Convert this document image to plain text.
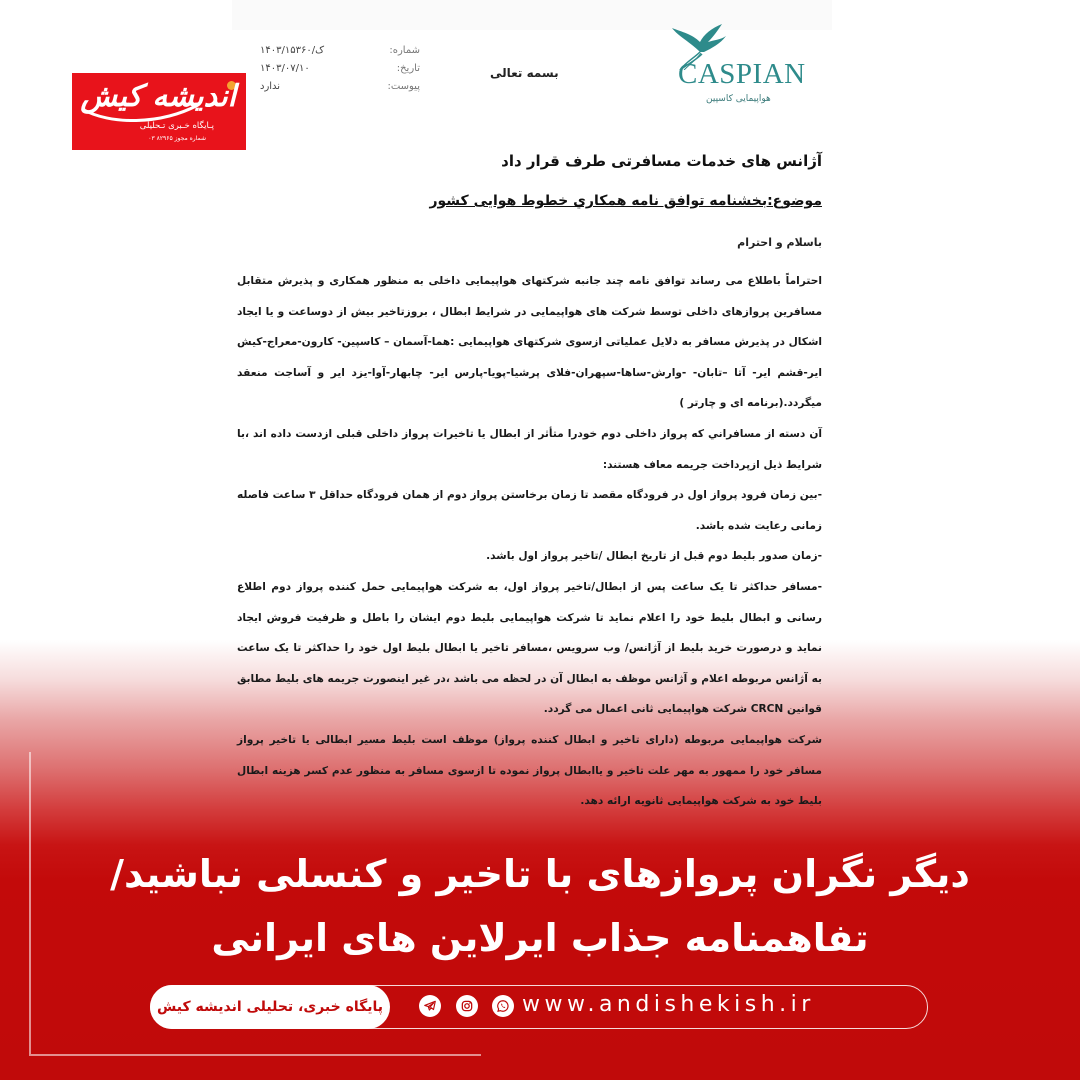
CASPIAN
هواپیمایی کاسپین
بسمه تعالی
شماره:
۱۴۰۳/۱۵۳۶۰/ک
تاریخ:
۱۴۰۳/۰۷/۱۰
پیوست:
ندارد
آژانس های خدمات مسافرتی طرف قرار داد
موضوع:بخشنامه توافق نامه همکاري خطوط هوایی کشور
باسلام و احترام

احتراماً باطلاع می رساند توافق نامه چند جانبه شرکتهای هواپیمایی داخلی به منظور همکاری و پذیرش متقابل مسافرین پروازهای داخلی توسط شرکت های هواپیمایی در شرایط ابطال ، بروزتاخیر بیش از دوساعت و یا ایجاد اشکال در پذیرش مسافر به دلایل عملیاتی ازسوی شرکتهای هواپیمایی :هما-آسمان – کاسپین- کارون-معراج-کیش ایر-قشم ایر- آتا –تابان- -وارش-ساها-سپهران-فلای پرشیا-پویا-پارس ایر- چابهار-آوا-یزد ایر و آساجت منعقد میگردد.(برنامه ای و چارتر )

آن دسته از مسافراني که پرواز داخلی دوم خودرا متأثر از ابطال یا تاخیرات پرواز داخلی قبلی ازدست داده اند ،با شرایط ذیل ازپرداخت جریمه معاف هستند:

-بین زمان فرود پرواز اول در فرودگاه مقصد تا زمان برخاستن پرواز دوم از همان فرودگاه حداقل ۳ ساعت فاصله زمانی رعایت شده باشد.

-زمان صدور بلیط دوم قبل از تاریخ ابطال /تاخیر پرواز اول باشد.

-مسافر حداکثر تا یک ساعت پس از ابطال/تاخیر پرواز اول، به شرکت هواپیمایی حمل کننده پرواز دوم اطلاع رسانی و ابطال بلیط خود را اعلام نماید تا شرکت هواپیمایی بلیط دوم ایشان را باطل و ظرفیت فروش ایجاد نماید و درصورت خرید بلیط از آژانس/ وب سرویس ،مسافر تاخیر یا ابطال بلیط اول خود را حداکثر تا یک ساعت به آژانس مربوطه اعلام و آژانس موظف به ابطال آن در لحظه می باشد ،در غیر اینصورت جریمه های بلیط مطابق قوانین CRCN شرکت هواپیمایی ثانی اعمال می گردد.

شرکت هواپیمایی مربوطه (دارای تاخیر و ابطال کننده پرواز) موظف است بلیط مسیر ابطالی یا تاخیر پرواز مسافر خود را ممهور به مهر علت تاخیر و یاابطال پرواز نموده تا ازسوی مسافر به منظور عدم کسر هزینه ابطال بلیط خود به شرکت هواپیمایی ثانویه ارائه دهد.

اندیشه کیش
پـایگاه خـبری تـحلیلی
شماره مجوز ۸۲۹۶۵ ۰۳
دیگر نگران پروازهای با تاخیر و کنسلی نباشید/
تفاهمنامه جذاب ایرلاین های ایرانی
پایگاه خبری، تحلیلی اندیشه کیش	www.andishekish.ir
